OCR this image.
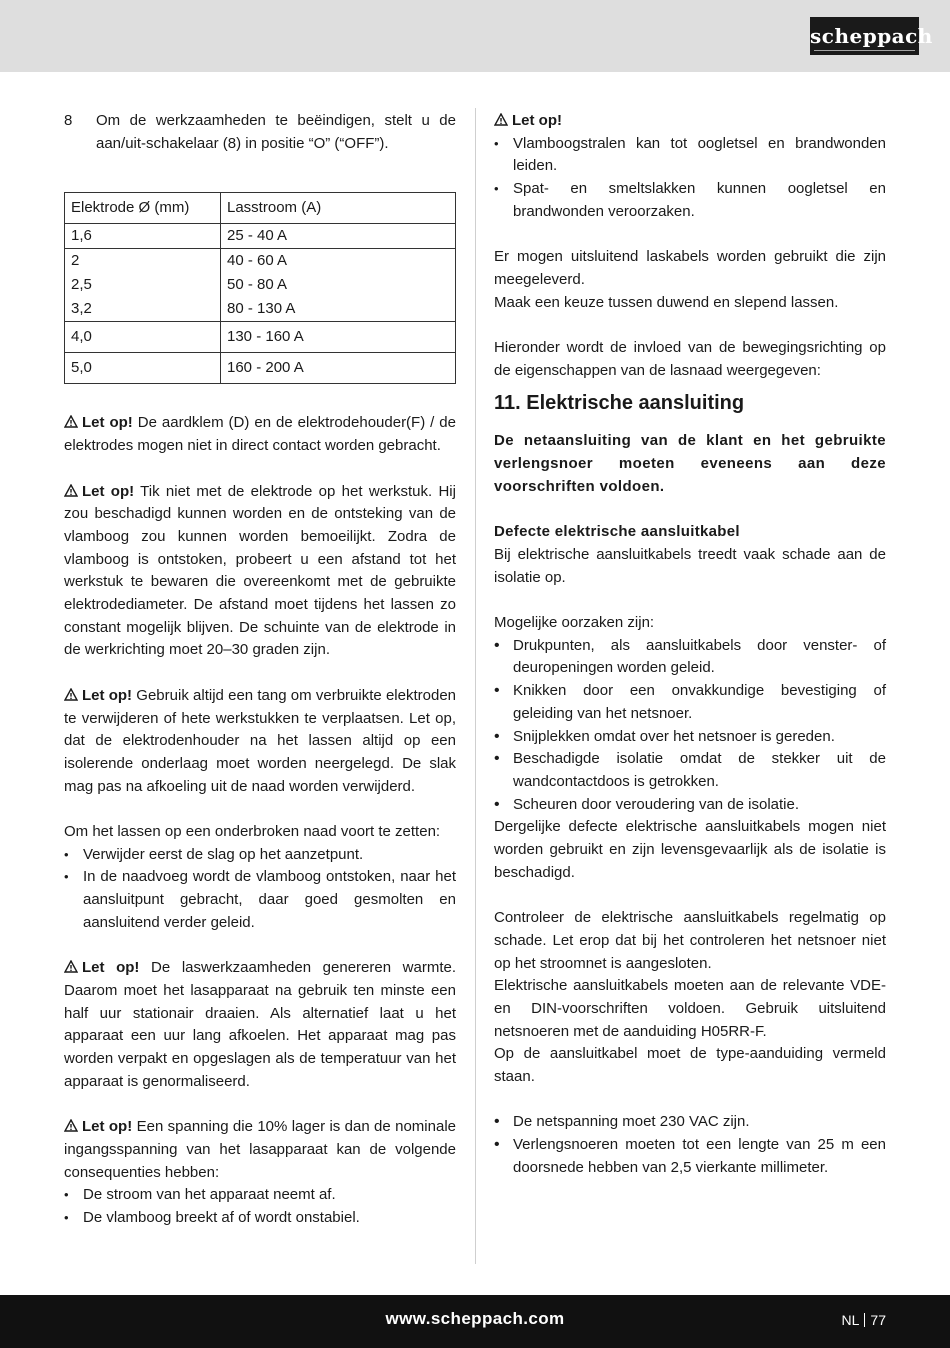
scheppach
8	Om de werkzaamheden te beëindigen, stelt u de aan/uit-schakelaar (8) in positie “O” (“OFF”).
Elektrode Ø (mm)	Lasstroom (A)
1,6	25 - 40 A
2	40 - 60 A
2,5	50 - 80 A
3,2	80 - 130 A
4,0	130 - 160 A
5,0	160 - 200 A

Let op! De aardklem (D) en de elektrodehouder(F) / de elektrodes mogen niet in direct contact worden gebracht.

Let op! Tik niet met de elektrode op het werkstuk. Hij zou beschadigd kunnen worden en de ontsteking van de vlamboog zou kunnen worden bemoeilijkt. Zodra de vlamboog is ontstoken, probeert u een afstand tot het werkstuk te bewaren die overeenkomt met de gebruikte elektrodediameter. De afstand moet tijdens het lassen zo constant mogelijk blijven. De schuinte van de elektrode in de werkrichting moet 20–30 graden zijn.

Let op! Gebruik altijd een tang om verbruikte elektroden te verwijderen of hete werkstukken te verplaatsen. Let op, dat de elektrodenhouder na het lassen altijd op een isolerende onderlaag moet worden neergelegd. De slak mag pas na afkoeling uit de naad worden verwijderd.

Om het lassen op een onderbroken naad voort te zetten:

• Verwijder eerst de slag op het aanzetpunt.
• In de naadvoeg wordt de vlamboog ontstoken, naar het aansluitpunt gebracht, daar goed gesmolten en aansluitend verder geleid.

Let op! De laswerkzaamheden genereren warmte. Daarom moet het lasapparaat na gebruik ten minste een half uur stationair draaien. Als alternatief laat u het apparaat een uur lang afkoelen. Het apparaat mag pas worden verpakt en opgeslagen als de temperatuur van het apparaat is genormaliseerd.

Let op! Een spanning die 10% lager is dan de nominale ingangsspanning van het lasapparaat kan de volgende consequenties hebben:

• De stroom van het apparaat neemt af.
• De vlamboog breekt af of wordt onstabiel.

Let op!

• Vlamboogstralen kan tot oogletsel en brandwonden leiden.
• Spat- en smeltslakken kunnen oogletsel en brandwonden veroorzaken.

Er mogen uitsluitend laskabels worden gebruikt die zijn meegeleverd.

Maak een keuze tussen duwend en slepend lassen.

Hieronder wordt de invloed van de bewegingsrichting op de eigenschappen van de lasnaad weergegeven:

11. Elektrische aansluiting

De netaansluiting van de klant en het gebruikte verlengsnoer moeten eveneens aan deze voorschriften voldoen.

Defecte elektrische aansluitkabel

Bij elektrische aansluitkabels treedt vaak schade aan de isolatie op.

Mogelijke oorzaken zijn:

• Drukpunten, als aansluitkabels door venster- of deuropeningen worden geleid.
• Knikken door een onvakkundige bevestiging of geleiding van het netsnoer.
• Snijplekken omdat over het netsnoer is gereden.
• Beschadigde isolatie omdat de stekker uit de wandcontactdoos is getrokken.
• Scheuren door veroudering van de isolatie.

Dergelijke defecte elektrische aansluitkabels mogen niet worden gebruikt en zijn levensgevaarlijk als de isolatie is beschadigd.

Controleer de elektrische aansluitkabels regelmatig op schade. Let erop dat bij het controleren het netsnoer niet op het stroomnet is aangesloten.

Elektrische aansluitkabels moeten aan de relevante VDE- en DIN-voorschriften voldoen. Gebruik uitsluitend netsnoeren met de aanduiding H05RR-F.

Op de aansluitkabel moet de type-aanduiding vermeld staan.

• De netspanning moet 230 VAC zijn.
• Verlengsnoeren moeten tot een lengte van 25 m een doorsnede hebben van 2,5 vierkante millimeter.
www.scheppach.com	NL 77
